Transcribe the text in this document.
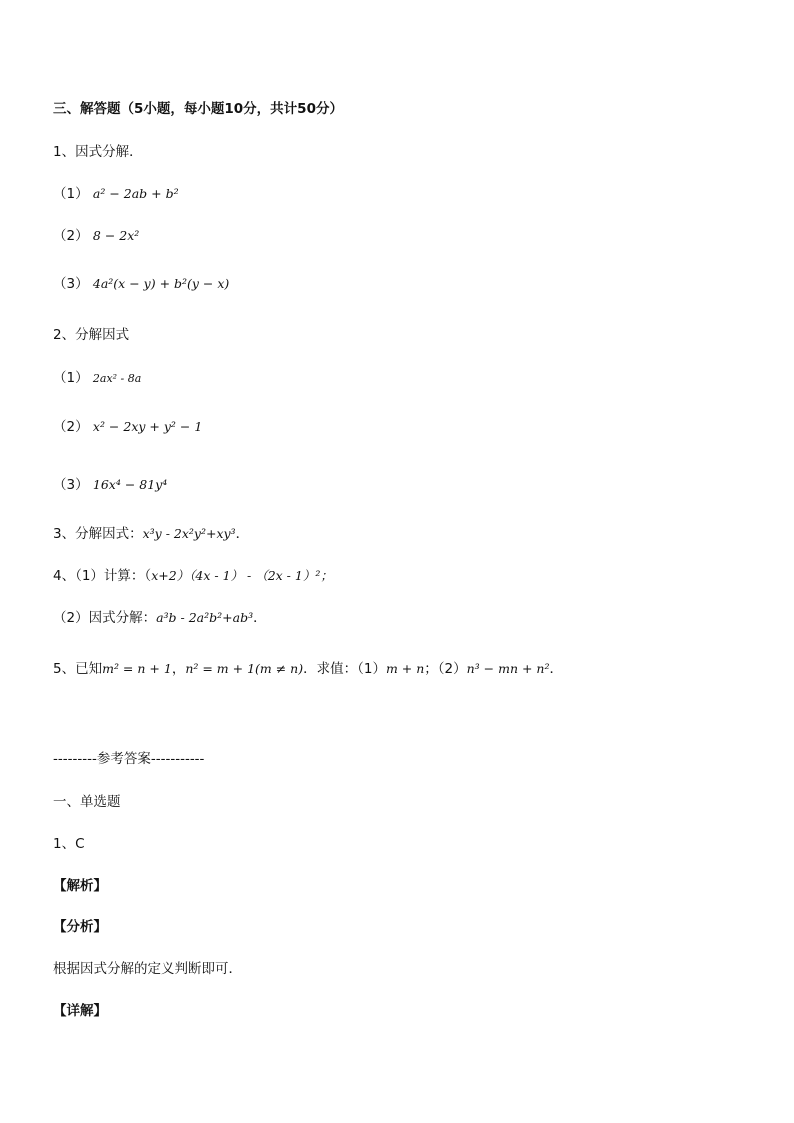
三、解答题（5小题，每小题10分，共计50分）
1、因式分解．
（1） a² − 2ab + b²
（2） 8 − 2x²
（3） 4a²(x − y) + b²(y − x)
2、分解因式
（1） 2ax² - 8a
（2） x² − 2xy + y² − 1
（3） 16x⁴ − 81y⁴
3、分解因式：x³y - 2x²y²+xy³．
4、（1）计算：（x+2）（4x - 1） - （2x - 1）²；
（2）因式分解：a³b - 2a²b²+ab³．
5、已知m² = n + 1，n² = m + 1(m ≠ n)．求值：（1）m + n；（2）n³ − mn + n²．
---------参考答案-----------
一、单选题
1、C
【解析】
【分析】
根据因式分解的定义判断即可．
【详解】
